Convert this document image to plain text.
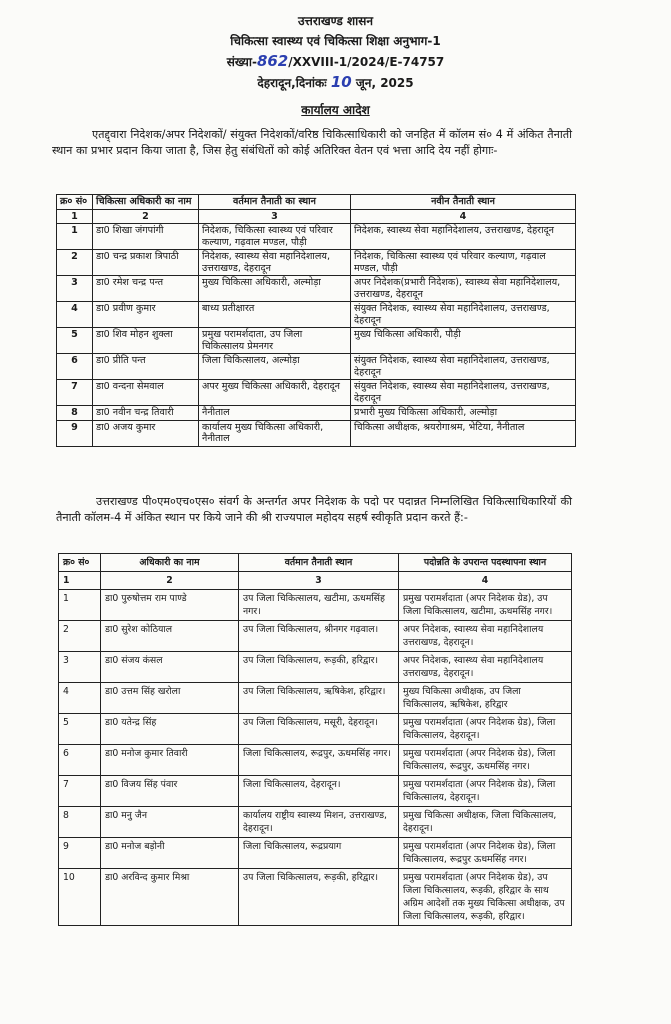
उत्तराखण्ड शासन
चिकित्सा स्वास्थ्य एवं चिकित्सा शिक्षा अनुभाग-1
संख्या-862/XXVIII-1/2024/E-74757
देहरादून,दिनांकः 10 जून, 2025
कार्यालय आदेश
एतद्द्वारा निदेशक/अपर निदेशकों/ संयुक्त निदेशकों/वरिष्ठ चिकित्साधिकारी को जनहित में कॉलम सं० 4 में अंकित तैनाती स्थान का प्रभार प्रदान किया जाता है, जिस हेतु संबंधितों को कोई अतिरिक्त वेतन एवं भत्ता आदि देय नहीं होगाः-
क्र० सं०	चिकित्सा अधिकारी का नाम	वर्तमान तैनाती का स्थान	नवीन तैनाती स्थान
1	2	3	4
1	डा0 शिखा जंगपांगी	निदेशक, चिकित्सा स्वास्थ्य एवं परिवार कल्याण, गढ़वाल मण्डल, पौड़ी	निदेशक, स्वास्थ्य सेवा महानिदेशालय, उत्तराखण्ड, देहरादून
2	डा0 चन्द्र प्रकाश त्रिपाठी	निदेशक, स्वास्थ्य सेवा महानिदेशालय, उत्तराखण्ड, देहरादून	निदेशक, चिकित्सा स्वास्थ्य एवं परिवार कल्याण, गढ़वाल मण्डल, पौड़ी
3	डा0 रमेश चन्द्र पन्त	मुख्य चिकित्सा अधिकारी, अल्मोड़ा	अपर निदेशक(प्रभारी निदेशक), स्वास्थ्य सेवा महानिदेशालय, उत्तराखण्ड, देहरादून
4	डा0 प्रवीण कुमार	बाध्य प्रतीक्षारत	संयुक्त निदेशक, स्वास्थ्य सेवा महानिदेशालय, उत्तराखण्ड, देहरादून
5	डा0 शिव मोहन शुक्ला	प्रमुख परामर्शदाता, उप जिला चिकित्सालय प्रेमनगर	मुख्य चिकित्सा अधिकारी, पौड़ी
6	डा0 प्रीति पन्त	जिला चिकित्सालय, अल्मोड़ा	संयुक्त निदेशक, स्वास्थ्य सेवा महानिदेशालय, उत्तराखण्ड, देहरादून
7	डा0 वन्दना सेमवाल	अपर मुख्य चिकित्सा अधिकारी, देहरादून	संयुक्त निदेशक, स्वास्थ्य सेवा महानिदेशालय, उत्तराखण्ड, देहरादून
8	डा0 नवीन चन्द्र तिवारी	नैनीताल	प्रभारी मुख्य चिकित्सा अधिकारी, अल्मोड़ा
9	डा0 अजय कुमार	कार्यालय मुख्य चिकित्सा अधिकारी, नैनीताल	चिकित्सा अधीक्षक, श्रयरोगाश्रम, भेटिया, नैनीताल
उत्तराखण्ड पी०एम०एच०एस० संवर्ग के अन्तर्गत अपर निदेशक के पदो पर पदान्नत निम्नलिखित चिकित्साधिकारियों की तैनाती कॉलम-4 में अंकित स्थान पर किये जाने की श्री राज्यपाल महोदय सहर्ष स्वीकृति प्रदान करते हैं:-
क्र० सं०	अधिकारी का नाम	वर्तमान तैनाती स्थान	पदोन्नति के उपरान्त पदस्थापना स्थान
1	2	3	4
1	डा0 पुरुषोत्तम राम पाण्डे	उप जिला चिकित्सालय, खटीमा, ऊधमसिंह नगर।	प्रमुख परामर्शदाता (अपर निदेशक ग्रेड), उप जिला चिकित्सालय, खटीमा, ऊधमसिंह नगर।
2	डा0 सुरेश कोठियाल	उप जिला चिकित्सालय, श्रीनगर गढ़वाल।	अपर निदेशक, स्वास्थ्य सेवा महानिदेशालय उत्तराखण्ड, देहरादून।
3	डा0 संजय कंसल	उप जिला चिकित्सालय, रूड़की, हरिद्वार।	अपर निदेशक, स्वास्थ्य सेवा महानिदेशालय उत्तराखण्ड, देहरादून।
4	डा0 उत्तम सिंह खरोला	उप जिला चिकित्सालय, ऋषिकेश, हरिद्वार।	मुख्य चिकित्सा अधीक्षक, उप जिला चिकित्सालय, ऋषिकेश, हरिद्वार
5	डा0 यतेन्द्र सिंह	उप जिला चिकित्सालय, मसूरी, देहरादून।	प्रमुख परामर्शदाता (अपर निदेशक ग्रेड), जिला चिकित्सालय, देहरादून।
6	डा0 मनोज कुमार तिवारी	जिला चिकित्सालय, रूद्रपुर, ऊधमसिंह नगर।	प्रमुख परामर्शदाता (अपर निदेशक ग्रेड), जिला चिकित्सालय, रूद्रपुर, ऊधमसिंह नगर।
7	डा0 विजय सिंह पंवार	जिला चिकित्सालय, देहरादून।	प्रमुख परामर्शदाता (अपर निदेशक ग्रेड), जिला चिकित्सालय, देहरादून।
8	डा0 मनु जैन	कार्यालय राष्ट्रीय स्वास्थ्य मिशन, उत्तराखण्ड, देहरादून।	प्रमुख चिकित्सा अधीक्षक, जिला चिकित्सालय, देहरादून।
9	डा0 मनोज बड़ोनी	जिला चिकित्सालय, रूद्रप्रयाग	प्रमुख परामर्शदाता (अपर निदेशक ग्रेड), जिला चिकित्सालय, रूद्रपुर ऊधमसिंह नगर।
10	डा0 अरविन्द कुमार मिश्रा	उप जिला चिकित्सालय, रूड़की, हरिद्वार।	प्रमुख परामर्शदाता (अपर निदेशक ग्रेड), उप जिला चिकित्सालय, रूड़की, हरिद्वार के साथ अग्रिम आदेशों तक मुख्य चिकित्सा अधीक्षक, उप जिला चिकित्सालय, रूड़की, हरिद्वार।
